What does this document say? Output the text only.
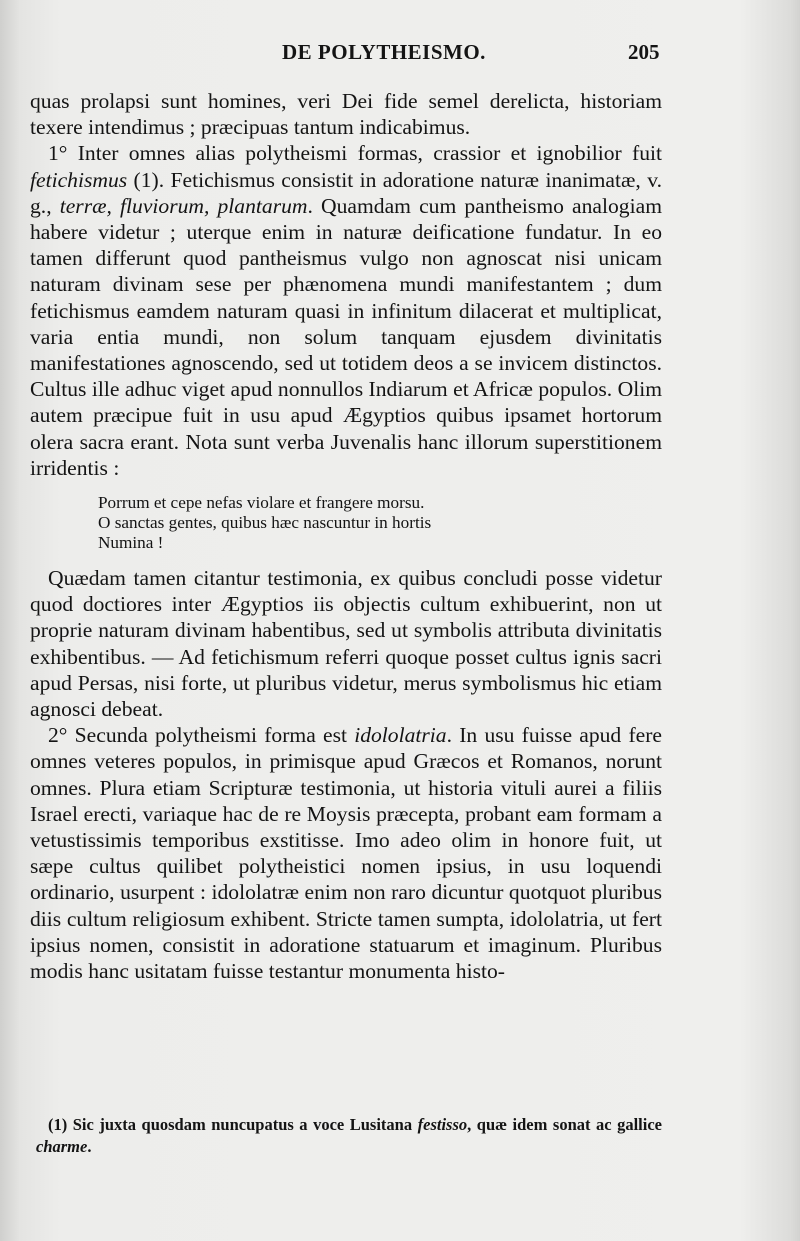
DE POLYTHEISMO.	205

quas prolapsi sunt homines, veri Dei fide semel derelicta, historiam texere intendimus ; præcipuas tantum indicabimus.

1° Inter omnes alias polytheismi formas, crassior et ignobilior fuit fetichismus (1). Fetichismus consistit in adoratione naturæ inanimatæ, v. g., terræ, fluviorum, plantarum. Quamdam cum pantheismo analogiam habere videtur ; uterque enim in naturæ deificatione fundatur. In eo tamen differunt quod pantheismus vulgo non agnoscat nisi unicam naturam divinam sese per phænomena mundi manifestantem ; dum fetichismus eamdem naturam quasi in infinitum dilacerat et multiplicat, varia entia mundi, non solum tanquam ejusdem divinitatis manifestationes agnoscendo, sed ut totidem deos a se invicem distinctos. Cultus ille adhuc viget apud nonnullos Indiarum et Africæ populos. Olim autem præcipue fuit in usu apud Ægyptios quibus ipsamet hortorum olera sacra erant. Nota sunt verba Juvenalis hanc illorum superstitionem irridentis :

Porrum et cepe nefas violare et frangere morsu.
O sanctas gentes, quibus hæc nascuntur in hortis
Numina !

Quædam tamen citantur testimonia, ex quibus concludi posse videtur quod doctiores inter Ægyptios iis objectis cultum exhibuerint, non ut proprie naturam divinam habentibus, sed ut symbolis attributa divinitatis exhibentibus. — Ad fetichismum referri quoque posset cultus ignis sacri apud Persas, nisi forte, ut pluribus videtur, merus symbolismus hic etiam agnosci debeat.

2° Secunda polytheismi forma est idololatria. In usu fuisse apud fere omnes veteres populos, in primisque apud Græcos et Romanos, norunt omnes. Plura etiam Scripturæ testimonia, ut historia vituli aurei a filiis Israel erecti, variaque hac de re Moysis præcepta, probant eam formam a vetustissimis temporibus exstitisse. Imo adeo olim in honore fuit, ut sæpe cultus quilibet polytheistici nomen ipsius, in usu loquendi ordinario, usurpent : idololatræ enim non raro dicuntur quotquot pluribus diis cultum religiosum exhibent. Stricte tamen sumpta, idololatria, ut fert ipsius nomen, consistit in adoratione statuarum et imaginum. Pluribus modis hanc usitatam fuisse testantur monumenta histo-

(1) Sic juxta quosdam nuncupatus a voce Lusitana festisso, quæ idem sonat ac gallice charme.
